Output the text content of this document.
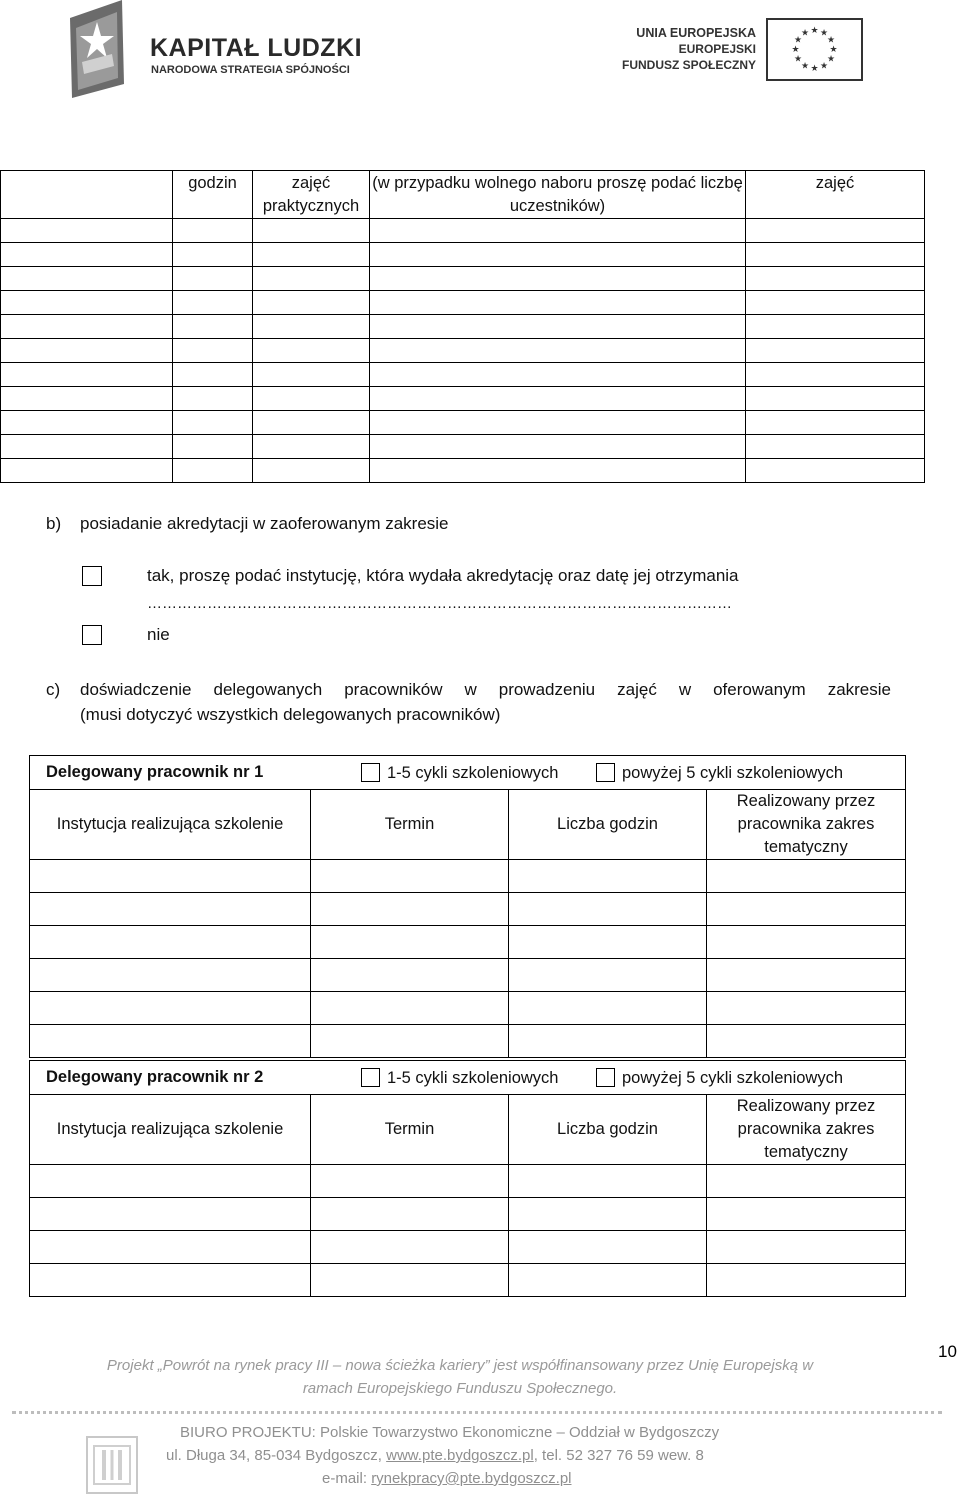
KAPITAŁ LUDZKI
NARODOWA STRATEGIA SPÓJNOŚCI
UNIA EUROPEJSKA
EUROPEJSKI
FUNDUSZ SPOŁECZNY
★ ★
★
★
★
★
★
★
★
★
★
★
	godzin	zajęć praktycznych	(w przypadku wolnego naboru proszę podać liczbę uczestników)	zajęć

b) posiadanie akredytacji w zaoferowanym zakresie
tak, proszę podać instytucję, która wydała akredytację oraz datę jej otrzymania
………………………………………………………………………………………………………
nie
c) doświadczenie delegowanych pracowników w prowadzeniu zajęć w oferowanym zakresie
(musi dotyczyć wszystkich delegowanych pracowników)
Delegowany pracownik nr 1 1-5 cykli szkoleniowych powyżej 5 cykli szkoleniowych			

Instytucja realizująca szkolenie	Termin	Liczba godzin	Realizowany przez
pracownika zakres
tematyczny

Delegowany pracownik nr 2 1-5 cykli szkoleniowych powyżej 5 cykli szkoleniowych			

Instytucja realizująca szkolenie	Termin	Liczba godzin	Realizowany przez
pracownika zakres
tematyczny

10
Projekt „Powrót na rynek pracy III – nowa ścieżka kariery” jest współfinansowany przez Unię Europejską w
ramach Europejskiego Funduszu Społecznego.
BIURO PROJEKTU: Polskie Towarzystwo Ekonomiczne – Oddział w Bydgoszczy
ul. Długa 34, 85-034 Bydgoszcz, www.pte.bydgoszcz.pl, tel. 52 327 76 59 wew. 8
e-mail: rynekpracy@pte.bydgoszcz.pl
